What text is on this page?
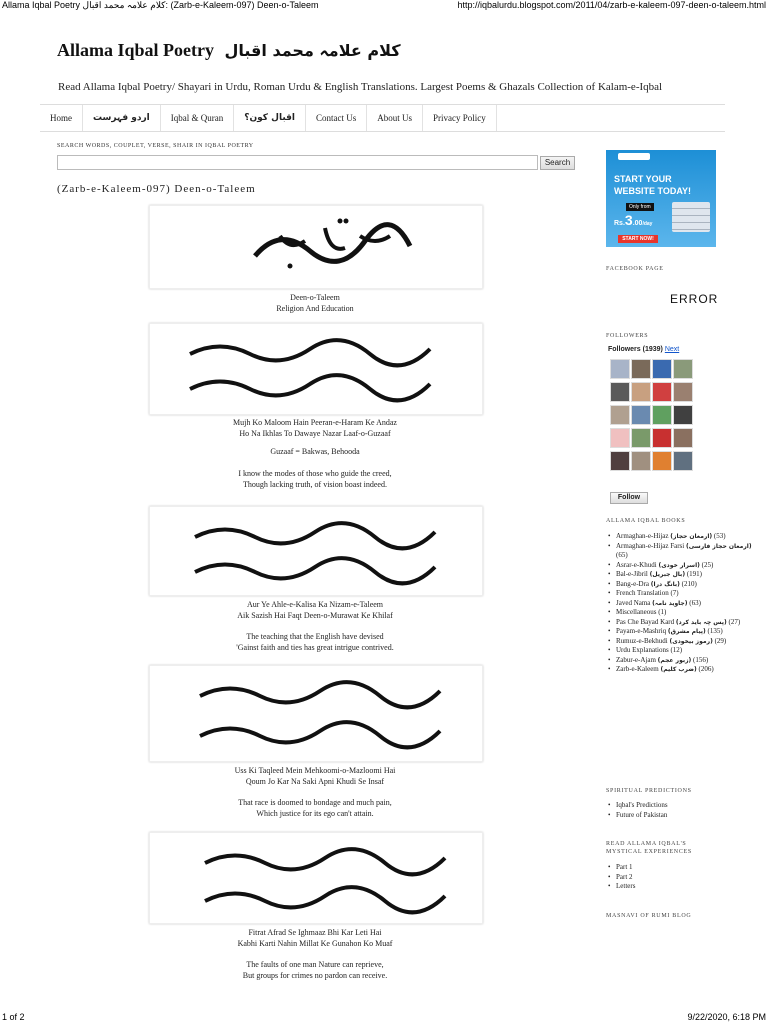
Allama Iqbal Poetry کلام علامہ محمد اقبال: (Zarb-e-Kaleem-097) Deen-o-Taleem	http://iqbalurdu.blogspot.com/2011/04/zarb-e-kaleem-097-deen-o-taleem.html
Allama Iqbal Poetry کلام علامہ محمد اقبال
Read Allama Iqbal Poetry/ Shayari in Urdu, Roman Urdu & English Translations. Largest Poems & Ghazals Collection of Kalam-e-Iqbal
Home	اردو فہرست	Iqbal & Quran	اقبال کون؟	Contact Us	About Us	Privacy Policy
SEARCH WORDS, COUPLET, VERSE, SHAIR IN IQBAL POETRY
Search
(Zarb-e-Kaleem-097) Deen-o-Taleem
Deen-o-Taleem
Religion And Education
Mujh Ko Maloom Hain Peeran-e-Haram Ke Andaz
Ho Na Ikhlas To Dawaye Nazar Laaf-o-Guzaaf
Guzaaf = Bakwas, Behooda
I know the modes of those who guide the creed,
Though lacking truth, of vision boast indeed.
Aur Ye Ahle-e-Kalisa Ka Nizam-e-Taleem
Aik Sazish Hai Faqt Deen-o-Murawat Ke Khilaf
The teaching that the English have devised
'Gainst faith and ties has great intrigue contrived.
Uss Ki Taqleed Mein Mehkoomi-o-Mazloomi Hai
Qoum Jo Kar Na Saki Apni Khudi Se Insaf
That race is doomed to bondage and much pain,
Which justice for its ego can't attain.
Fitrat Afrad Se Ighmaaz Bhi Kar Leti Hai
Kabhi Karti Nahin Millat Ke Gunahon Ko Muaf
The faults of one man Nature can reprieve,
But groups for crimes no pardon can receive.
START YOUR
WEBSITE TODAY!
Only from
Rs.3.00/day
START NOW!
FACEBOOK PAGE
ERROR
FOLLOWERS
Followers (1939) Next
Follow
ALLAMA IQBAL BOOKS
• Armaghan-e-Hijaz (ارمغان حجاز) (53)
• Armaghan-e-Hijaz Farsi (ارمغان حجاز فارسی) (65)
• Asrar-e-Khudi (اسرار خودی) (25)
• Bal-e-Jibril (بال جبریل) (191)
• Bang-e-Dra (بانگ درا) (210)
• French Translation (7)
• Javed Nama (جاوید نامہ) (63)
• Miscellaneous (1)
• Pas Che Bayad Kard (پس چہ باید کرد) (27)
• Payam-e-Mashriq (پیام مشرق) (135)
• Rumuz-e-Bekhudi (رموز بیخودی) (29)
• Urdu Explanations (12)
• Zabur-e-Ajam (زبور عجم) (156)
• Zarb-e-Kaleem (ضرب کلیم) (206)
SPIRITUAL PREDICTIONS
• Iqbal's Predictions
• Future of Pakistan
READ ALLAMA IQBAL'S MYSTICAL EXPERIENCES
• Part 1
• Part 2
• Letters
MASNAVI OF RUMI BLOG
1 of 2	9/22/2020, 6:18 PM
